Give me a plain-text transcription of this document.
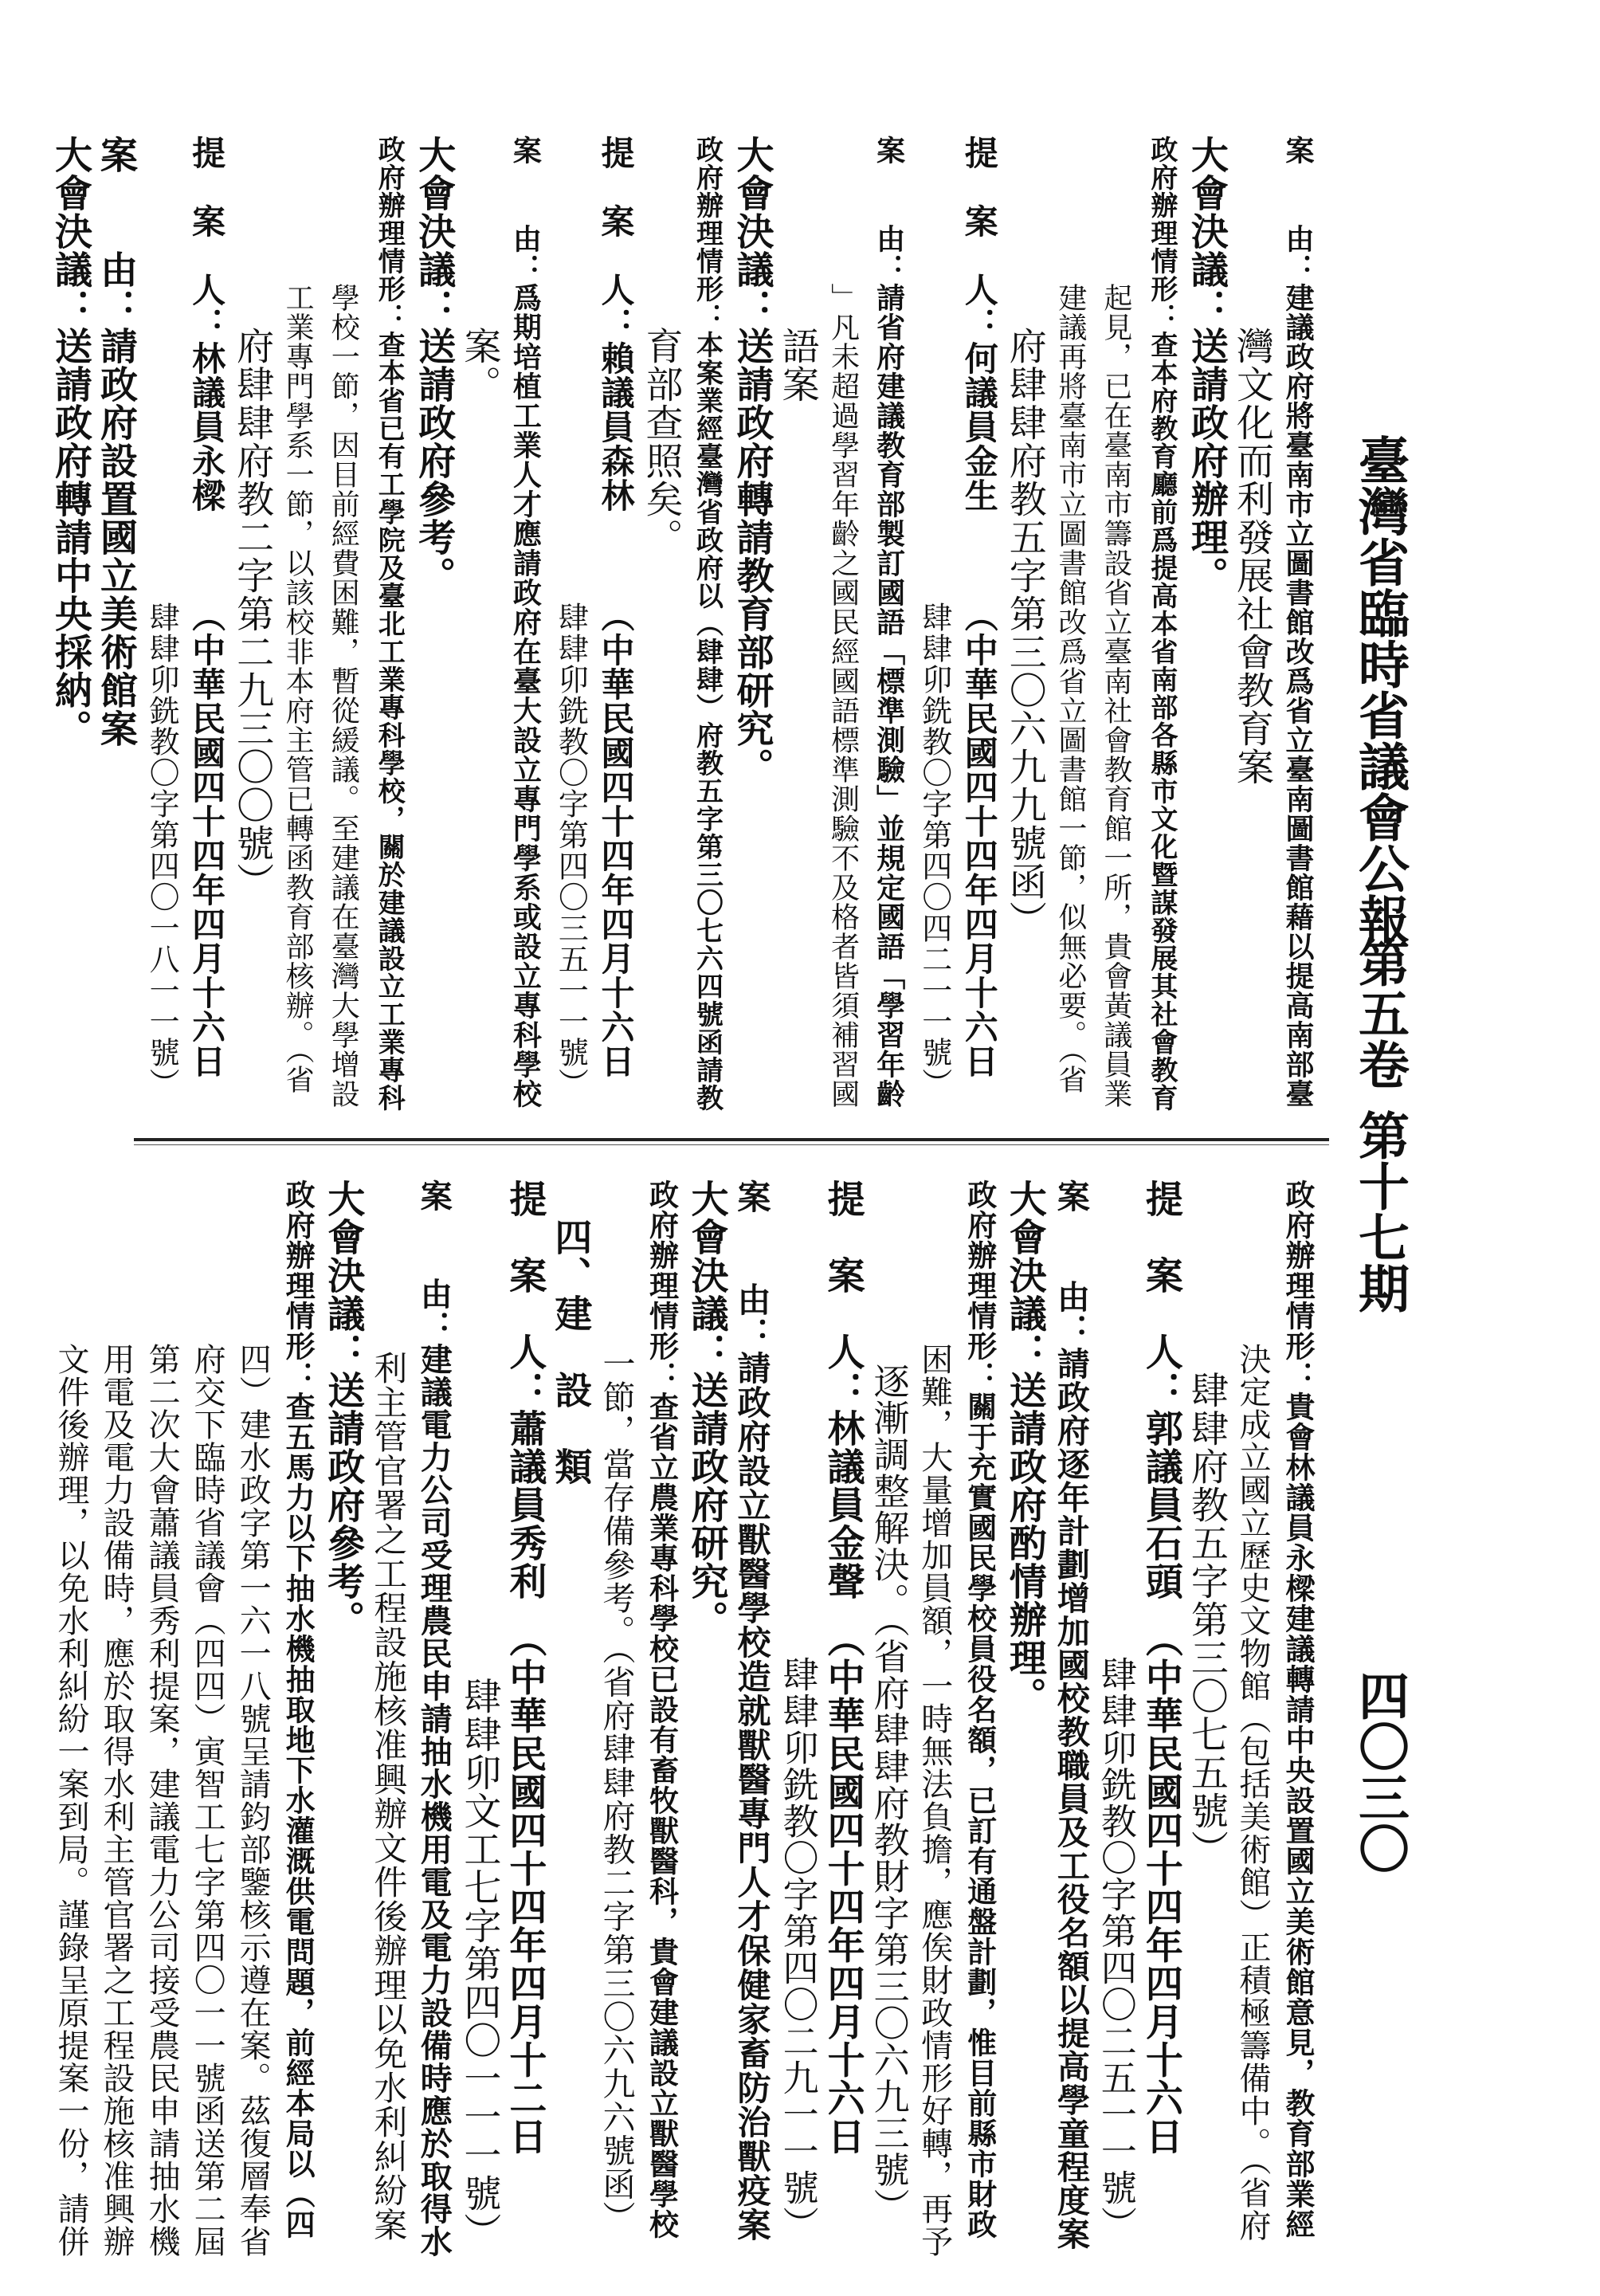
臺灣省臨時省議會公報
第五卷
第十七期
四〇三〇
案　　由：建議政府將臺南市立圖書館改爲省立臺南圖書館藉以提高南部臺
　　　　　灣文化而利發展社會教育案
大會決議：送請政府辦理。
政府辦理情形：查本府教育廳前爲提高本省南部各縣市文化暨謀發展其社會教育
　　　　　起見，已在臺南市籌設省立臺南社會教育館一所，貴會黃議員業
　　　　　建議再將臺南市立圖書館改爲省立圖書館一節，似無必要。（省
　　　　　府肆肆府教五字第三〇六九九號函）
提　案　人：何議員金生　　　（中華民國四十四年四月十六日
　　　　　　　　　　　　　　　肆肆卯銑教〇字第四〇四二一一號）
案　　由：請省府建議教育部製訂國語「標準測驗」並規定國語「學習年齡
　　　　　」凡未超過學習年齡之國民經國語標準測驗不及格者皆須補習國
　　　　　語案
大會決議：送請政府轉請教育部研究。
政府辦理情形：本案業經臺灣省政府以（肆肆）府教五字第三〇七六四號函請教
　　　　　育部查照矣。
提　案　人：賴議員森林　　　（中華民國四十四年四月十六日
　　　　　　　　　　　　　　　肆肆卯銑教〇字第四〇三五一一號）
案　　由：爲期培植工業人才應請政府在臺大設立專門學系或設立專科學校
　　　　　案。
大會決議：送請政府參考。
政府辦理情形：查本省已有工學院及臺北工業專科學校，關於建議設立工業專科
　　　　　學校一節，因目前經費困難，暫從緩議。至建議在臺灣大學增設
　　　　　工業專門學系一節，以該校非本府主管已轉函教育部核辦。（省
　　　　　府肆肆府教二字第二九三〇〇號）
提　案　人：林議員永樑　　　（中華民國四十四年四月十六日
　　　　　　　　　　　　　　　肆肆卯銑教〇字第四〇一八一一號）
案　　由：請政府設置國立美術館案
大會決議：送請政府轉請中央採納。
政府辦理情形：貴會林議員永樑建議轉請中央設置國立美術館意見，教育部業經
　　　　　決定成立國立歷史文物館（包括美術館）正積極籌備中。（省府
　　　　　肆肆府教五字第三〇七五號）
提　案　人：郭議員石頭　（中華民國四十四年四月十六日
　　　　　　　　　　　　　肆肆卯銑教〇字第四〇二五一一號）
案　　由：請政府逐年計劃增加國校教職員及工役名額以提高學童程度案
大會決議：送請政府酌情辦理。
政府辦理情形：關于充實國民學校員役名額，已訂有通盤計劃，惟目前縣市財政
　　　　　困難，大量增加員額，一時無法負擔，應俟財政情形好轉，再予
　　　　　逐漸調整解決。（省府肆肆府教財字第三〇六九三號）
提　案　人：林議員金聲　（中華民國四十四年四月十六日
　　　　　　　　　　　　　肆肆卯銑教〇字第四〇二九一一號）
案　　由：請政府設立獸醫學校造就獸醫專門人才保健家畜防治獸疫案
大會決議：送請政府研究。
政府辦理情形：查省立農業專科學校已設有畜牧獸醫科，貴會建議設立獸醫學校
　　　　　一節，當存備參考。（省府肆肆府教二字第三〇六九六號函）
　四、建　設　類
提　案　人：蕭議員秀利　（中華民國四十四年四月十二日
　　　　　　　　　　　　　肆肆卯文工七字第四〇一一一號）
案　　由：建議電力公司受理農民申請抽水機用電及電力設備時應於取得水
　　　　　利主管官署之工程設施核准興辦文件後辦理以免水利糾紛案
大會決議：送請政府參考。
政府辦理情形：查五馬力以下抽水機抽取地下水灌溉供電問題，前經本局以（四
　　　　　四）建水政字第一六一八號呈請鈞部鑒核示遵在案。茲復層奉省
　　　　　府交下臨時省議會（四四）寅智工七字第四〇一一號函送第二屆
　　　　　第二次大會蕭議員秀利提案，建議電力公司接受農民申請抽水機
　　　　　用電及電力設備時，應於取得水利主管官署之工程設施核准興辦
　　　　　文件後辦理，以免水利糾紛一案到局。謹錄呈原提案一份，請併
